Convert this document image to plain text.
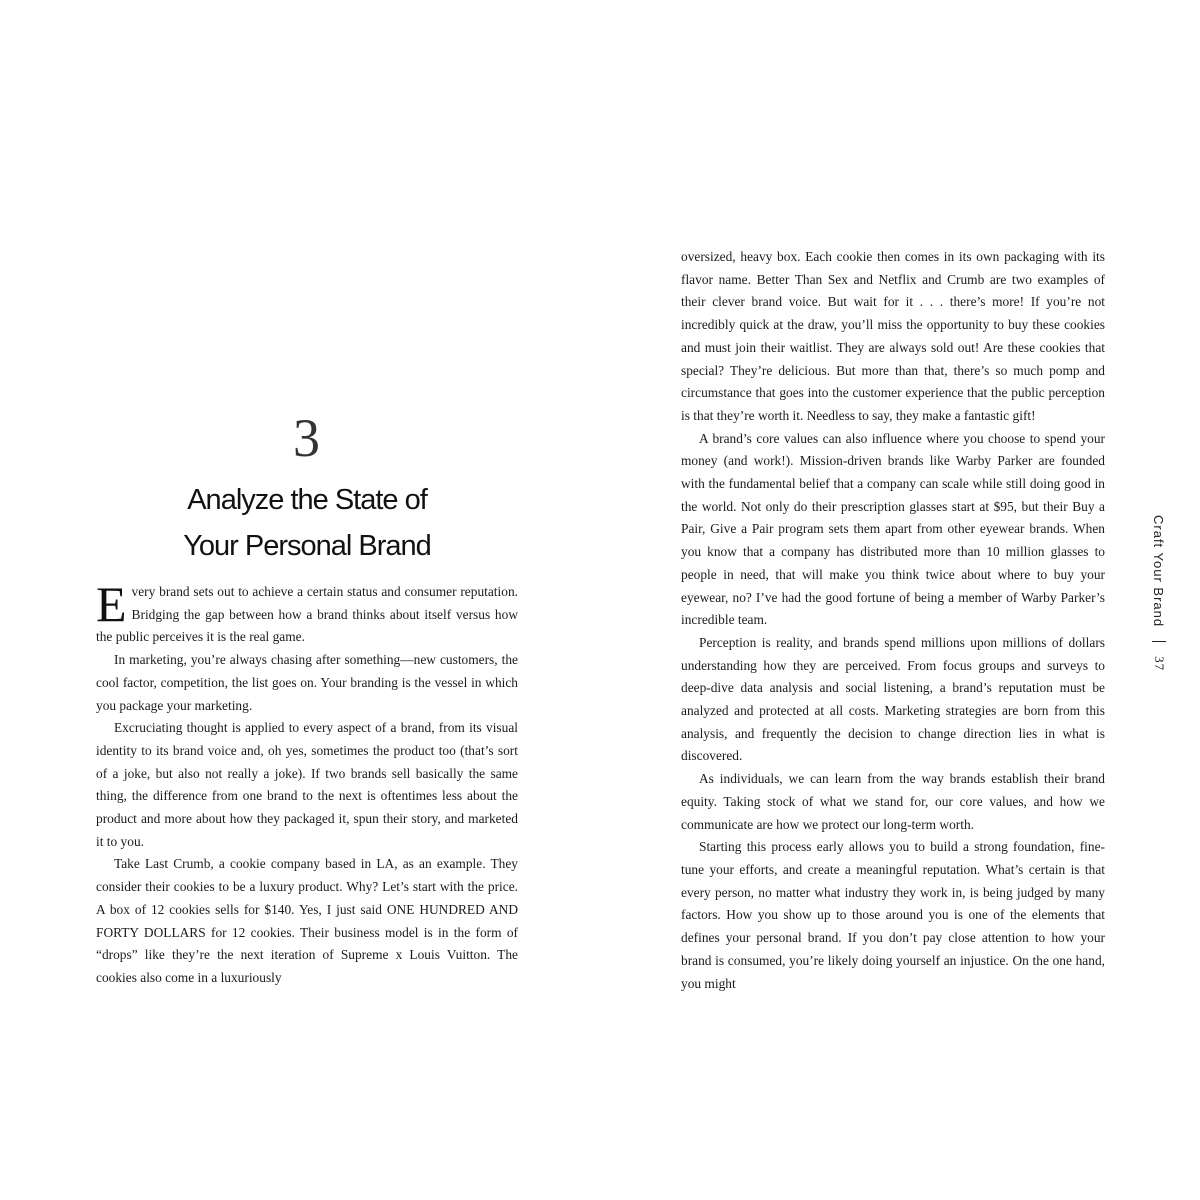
3
Analyze the State of
Your Personal Brand

Every brand sets out to achieve a certain status and consumer reputation. Bridging the gap between how a brand thinks about itself versus how the public perceives it is the real game.

In marketing, you’re always chasing after something—new customers, the cool factor, competition, the list goes on. Your branding is the vessel in which you package your marketing.

Excruciating thought is applied to every aspect of a brand, from its visual identity to its brand voice and, oh yes, sometimes the product too (that’s sort of a joke, but also not really a joke). If two brands sell basically the same thing, the difference from one brand to the next is oftentimes less about the product and more about how they packaged it, spun their story, and marketed it to you.

Take Last Crumb, a cookie company based in LA, as an example. They consider their cookies to be a luxury product. Why? Let’s start with the price. A box of 12 cookies sells for $140. Yes, I just said ONE HUNDRED AND FORTY DOLLARS for 12 cookies. Their business model is in the form of “drops” like they’re the next iteration of Supreme x Louis Vuitton. The cookies also come in a luxuriously

oversized, heavy box. Each cookie then comes in its own packaging with its flavor name. Better Than Sex and Netflix and Crumb are two examples of their clever brand voice. But wait for it . . . there’s more! If you’re not incredibly quick at the draw, you’ll miss the opportunity to buy these cookies and must join their waitlist. They are always sold out! Are these cookies that special? They’re delicious. But more than that, there’s so much pomp and circumstance that goes into the customer experience that the public perception is that they’re worth it. Needless to say, they make a fantastic gift!

A brand’s core values can also influence where you choose to spend your money (and work!). Mission-driven brands like Warby Parker are founded with the fundamental belief that a company can scale while still doing good in the world. Not only do their prescription glasses start at $95, but their Buy a Pair, Give a Pair program sets them apart from other eyewear brands. When you know that a company has distributed more than 10 million glasses to people in need, that will make you think twice about where to buy your eyewear, no? I’ve had the good fortune of being a member of Warby Parker’s incredible team.

Perception is reality, and brands spend millions upon millions of dollars understanding how they are perceived. From focus groups and surveys to deep-dive data analysis and social listening, a brand’s reputation must be analyzed and protected at all costs. Marketing strategies are born from this analysis, and frequently the decision to change direction lies in what is discovered.

As individuals, we can learn from the way brands establish their brand equity. Taking stock of what we stand for, our core values, and how we communicate are how we protect our long-term worth.

Starting this process early allows you to build a strong foundation, fine-tune your efforts, and create a meaningful reputation. What’s certain is that every person, no matter what industry they work in, is being judged by many factors. How you show up to those around you is one of the elements that defines your personal brand. If you don’t pay close attention to how your brand is consumed, you’re likely doing yourself an injustice. On the one hand, you might

Craft Your Brand
37
